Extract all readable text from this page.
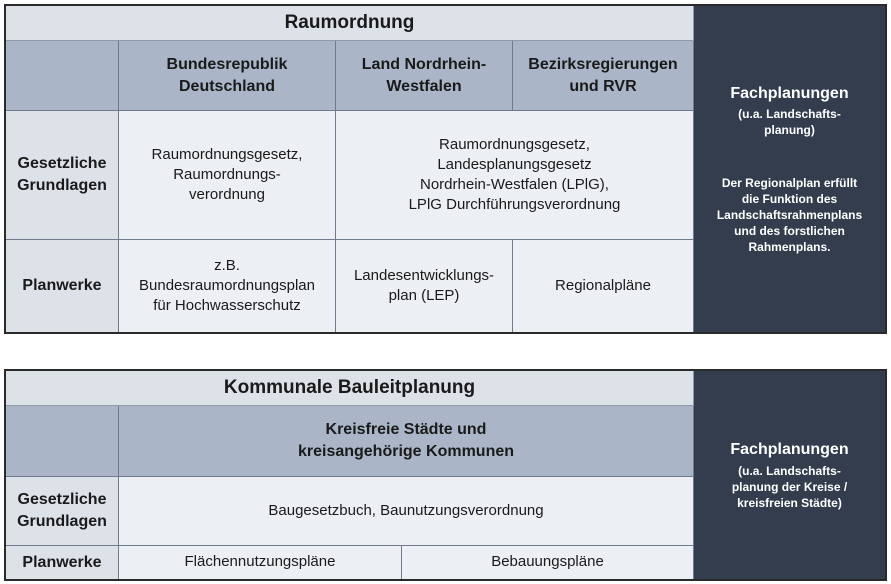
Raumordnung
Bundesrepublik
Deutschland
Land Nordrhein-
Westfalen
Bezirksregierungen
und RVR
Gesetzliche
Grundlagen
Raumordnungsgesetz,
Raumordnungs-
verordnung
Raumordnungsgesetz,
Landesplanungsgesetz
Nordrhein-Westfalen (LPlG),
LPlG Durchführungsverordnung
Planwerke
z.B.
Bundesraumordnungsplan
für Hochwasserschutz
Landesentwicklungs-
plan (LEP)
Regionalpläne
Fachplanungen
(u.a. Landschafts-
planung)
Der Regionalplan erfüllt
die Funktion des
Landschaftsrahmenplans
und des forstlichen
Rahmenplans.
Kommunale Bauleitplanung
Kreisfreie Städte und
kreisangehörige Kommunen
Gesetzliche
Grundlagen
Baugesetzbuch, Baunutzungsverordnung
Planwerke	Flächennutzungspläne	Bebauungspläne
Fachplanungen
(u.a. Landschafts-
planung der Kreise /
kreisfreien Städte)
